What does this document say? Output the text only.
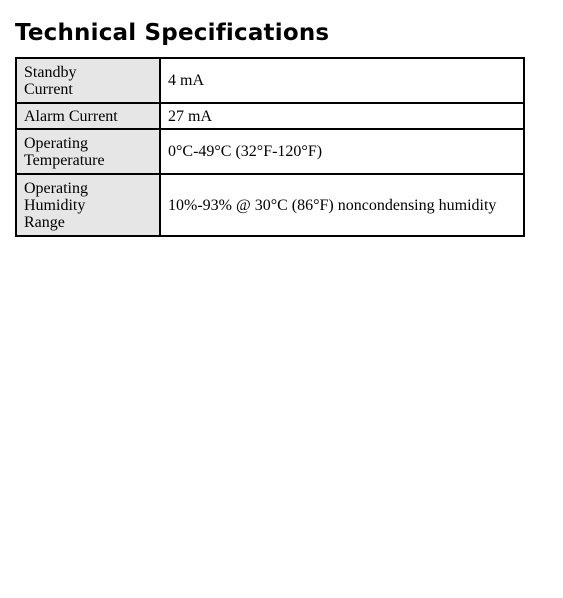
Technical Specifications
Standby
Current	4 mA
Alarm Current	27 mA
Operating
Temperature	0°C-49°C (32°F-120°F)
Operating
Humidity
Range	10%-93% @ 30°C (86°F) noncondensing humidity
